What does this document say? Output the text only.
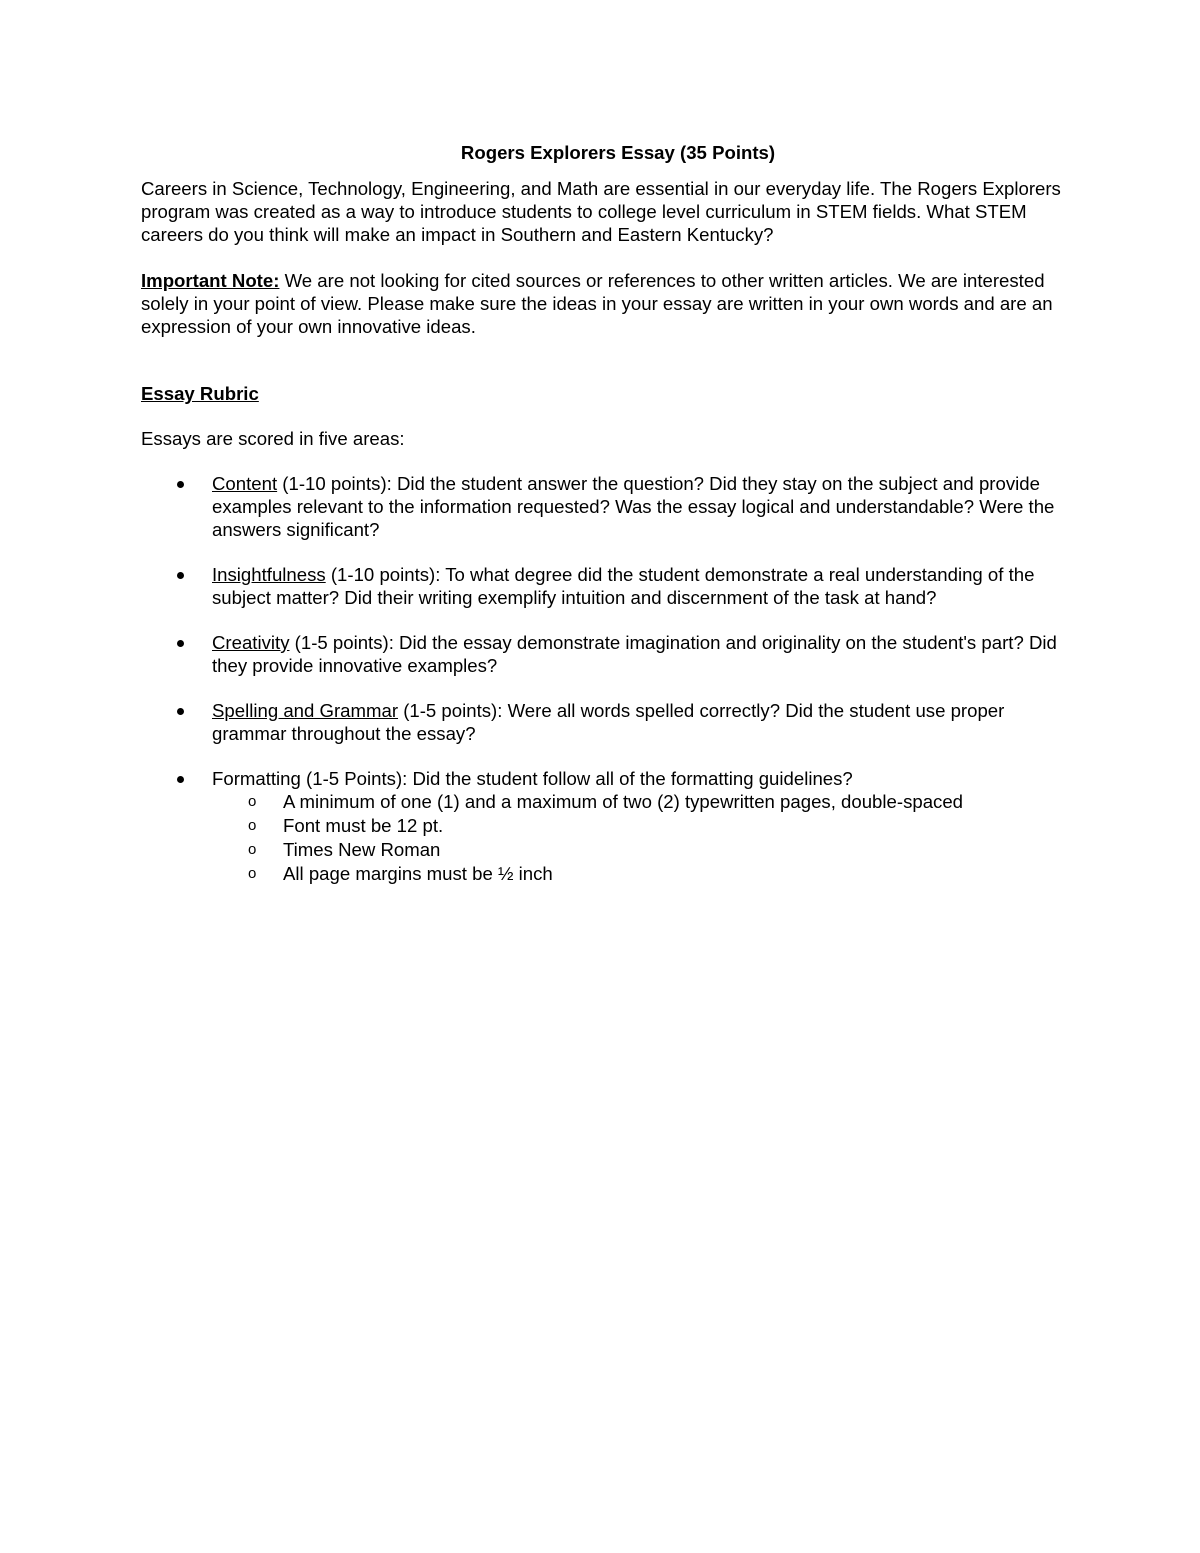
Rogers Explorers Essay (35 Points)

Careers in Science, Technology, Engineering, and Math are essential in our everyday life. The Rogers Explorers program was created as a way to introduce students to college level curriculum in STEM fields. What STEM careers do you think will make an impact in Southern and Eastern Kentucky?

Important Note: We are not looking for cited sources or references to other written articles. We are interested solely in your point of view. Please make sure the ideas in your essay are written in your own words and are an expression of your own innovative ideas.

Essay Rubric

Essays are scored in five areas:

Content (1-10 points): Did the student answer the question? Did they stay on the subject and provide examples relevant to the information requested? Was the essay logical and understandable? Were the answers significant?
Insightfulness (1-10 points): To what degree did the student demonstrate a real understanding of the subject matter? Did their writing exemplify intuition and discernment of the task at hand?
Creativity (1-5 points): Did the essay demonstrate imagination and originality on the student's part? Did they provide innovative examples?
Spelling and Grammar (1-5 points): Were all words spelled correctly? Did the student use proper grammar throughout the essay?
Formatting (1-5 Points): Did the student follow all of the formatting guidelines?
o A minimum of one (1) and a maximum of two (2) typewritten pages, double-spaced
o Font must be 12 pt.
o Times New Roman
o All page margins must be ½ inch
